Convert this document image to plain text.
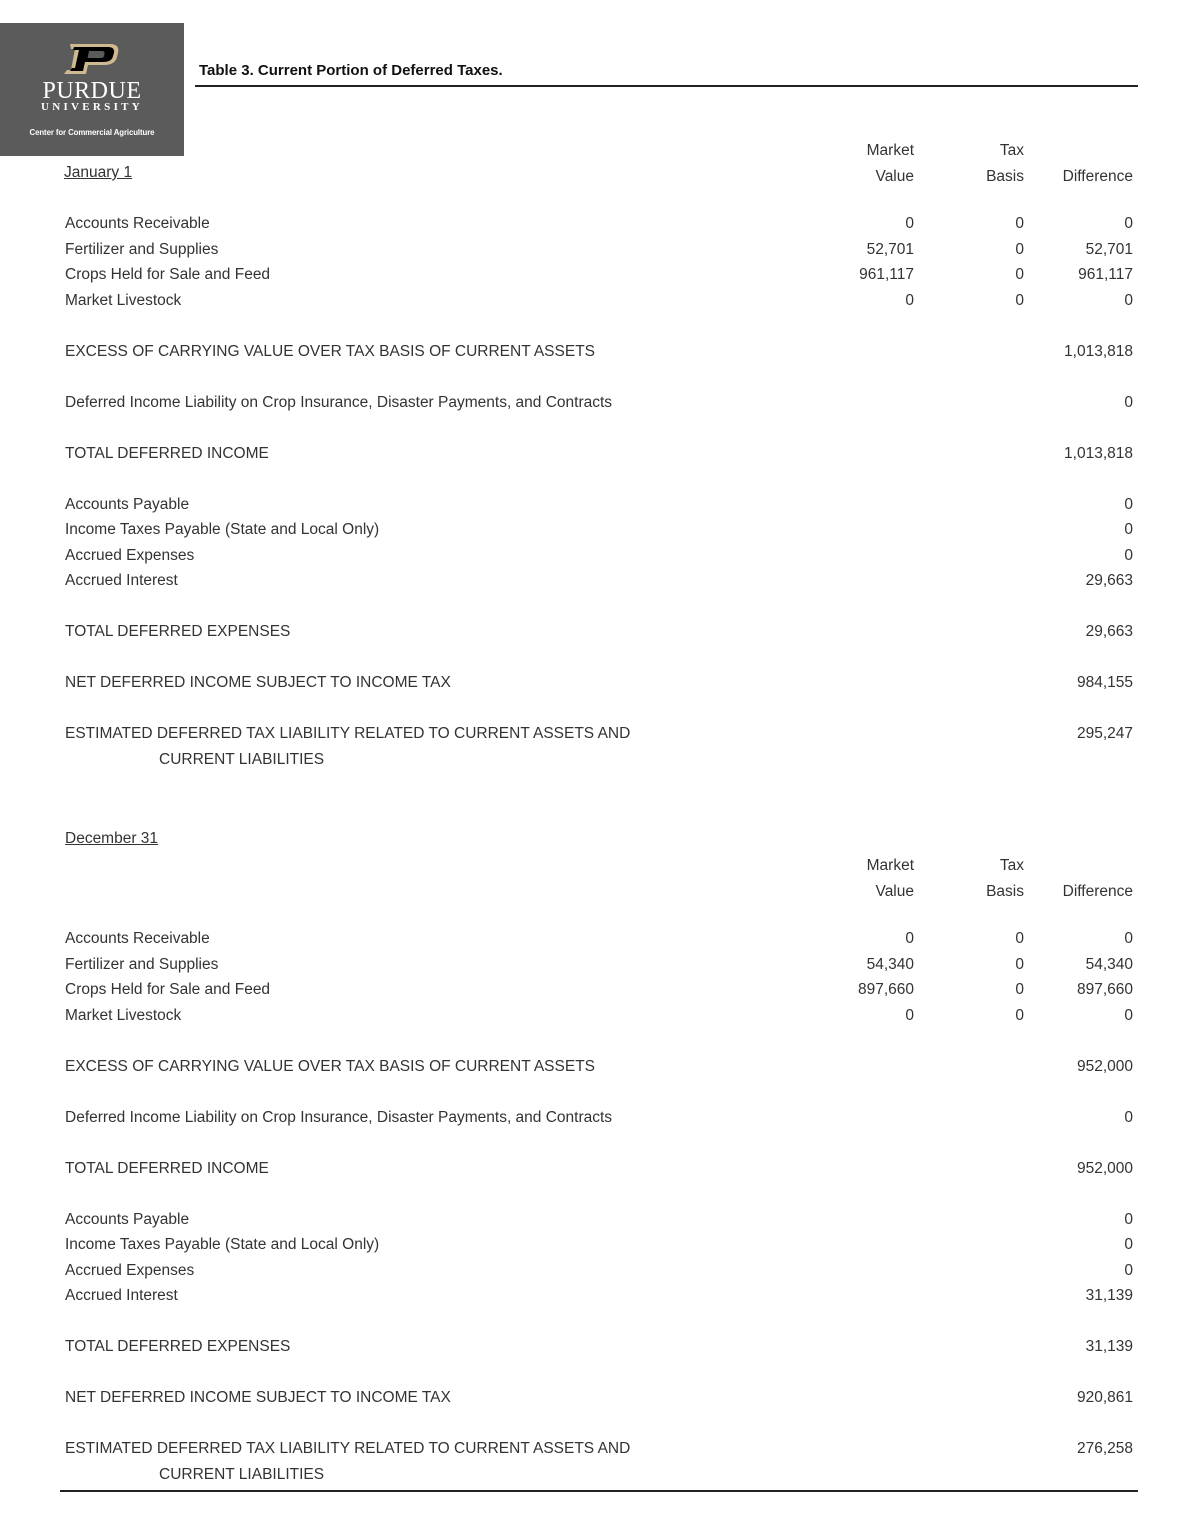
PURDUE
UNIVERSITY
Center for Commercial Agriculture
Table 3. Current Portion of Deferred Taxes.
January 1
Market
Value
Tax
Basis
Difference
Accounts Receivable	0	0	0
Fertilizer and Supplies	52,701	0	52,701
Crops Held for Sale and Feed	961,117	0	961,117
Market Livestock	0	0	0
EXCESS OF CARRYING VALUE OVER TAX BASIS OF CURRENT ASSETS	1,013,818
Deferred Income Liability on Crop Insurance, Disaster Payments, and Contracts	0
TOTAL DEFERRED INCOME	1,013,818
Accounts Payable	0
Income Taxes Payable (State and Local Only)	0
Accrued Expenses	0
Accrued Interest	29,663
TOTAL DEFERRED EXPENSES	29,663
NET DEFERRED INCOME SUBJECT TO INCOME TAX	984,155
ESTIMATED DEFERRED TAX LIABILITY RELATED TO CURRENT ASSETS AND
CURRENT LIABILITIES
295,247
December 31
Market
Value
Tax
Basis
Difference
Accounts Receivable	0	0	0
Fertilizer and Supplies	54,340	0	54,340
Crops Held for Sale and Feed	897,660	0	897,660
Market Livestock	0	0	0
EXCESS OF CARRYING VALUE OVER TAX BASIS OF CURRENT ASSETS	952,000
Deferred Income Liability on Crop Insurance, Disaster Payments, and Contracts	0
TOTAL DEFERRED INCOME	952,000
Accounts Payable	0
Income Taxes Payable (State and Local Only)	0
Accrued Expenses	0
Accrued Interest	31,139
TOTAL DEFERRED EXPENSES	31,139
NET DEFERRED INCOME SUBJECT TO INCOME TAX	920,861
ESTIMATED DEFERRED TAX LIABILITY RELATED TO CURRENT ASSETS AND
CURRENT LIABILITIES
276,258
